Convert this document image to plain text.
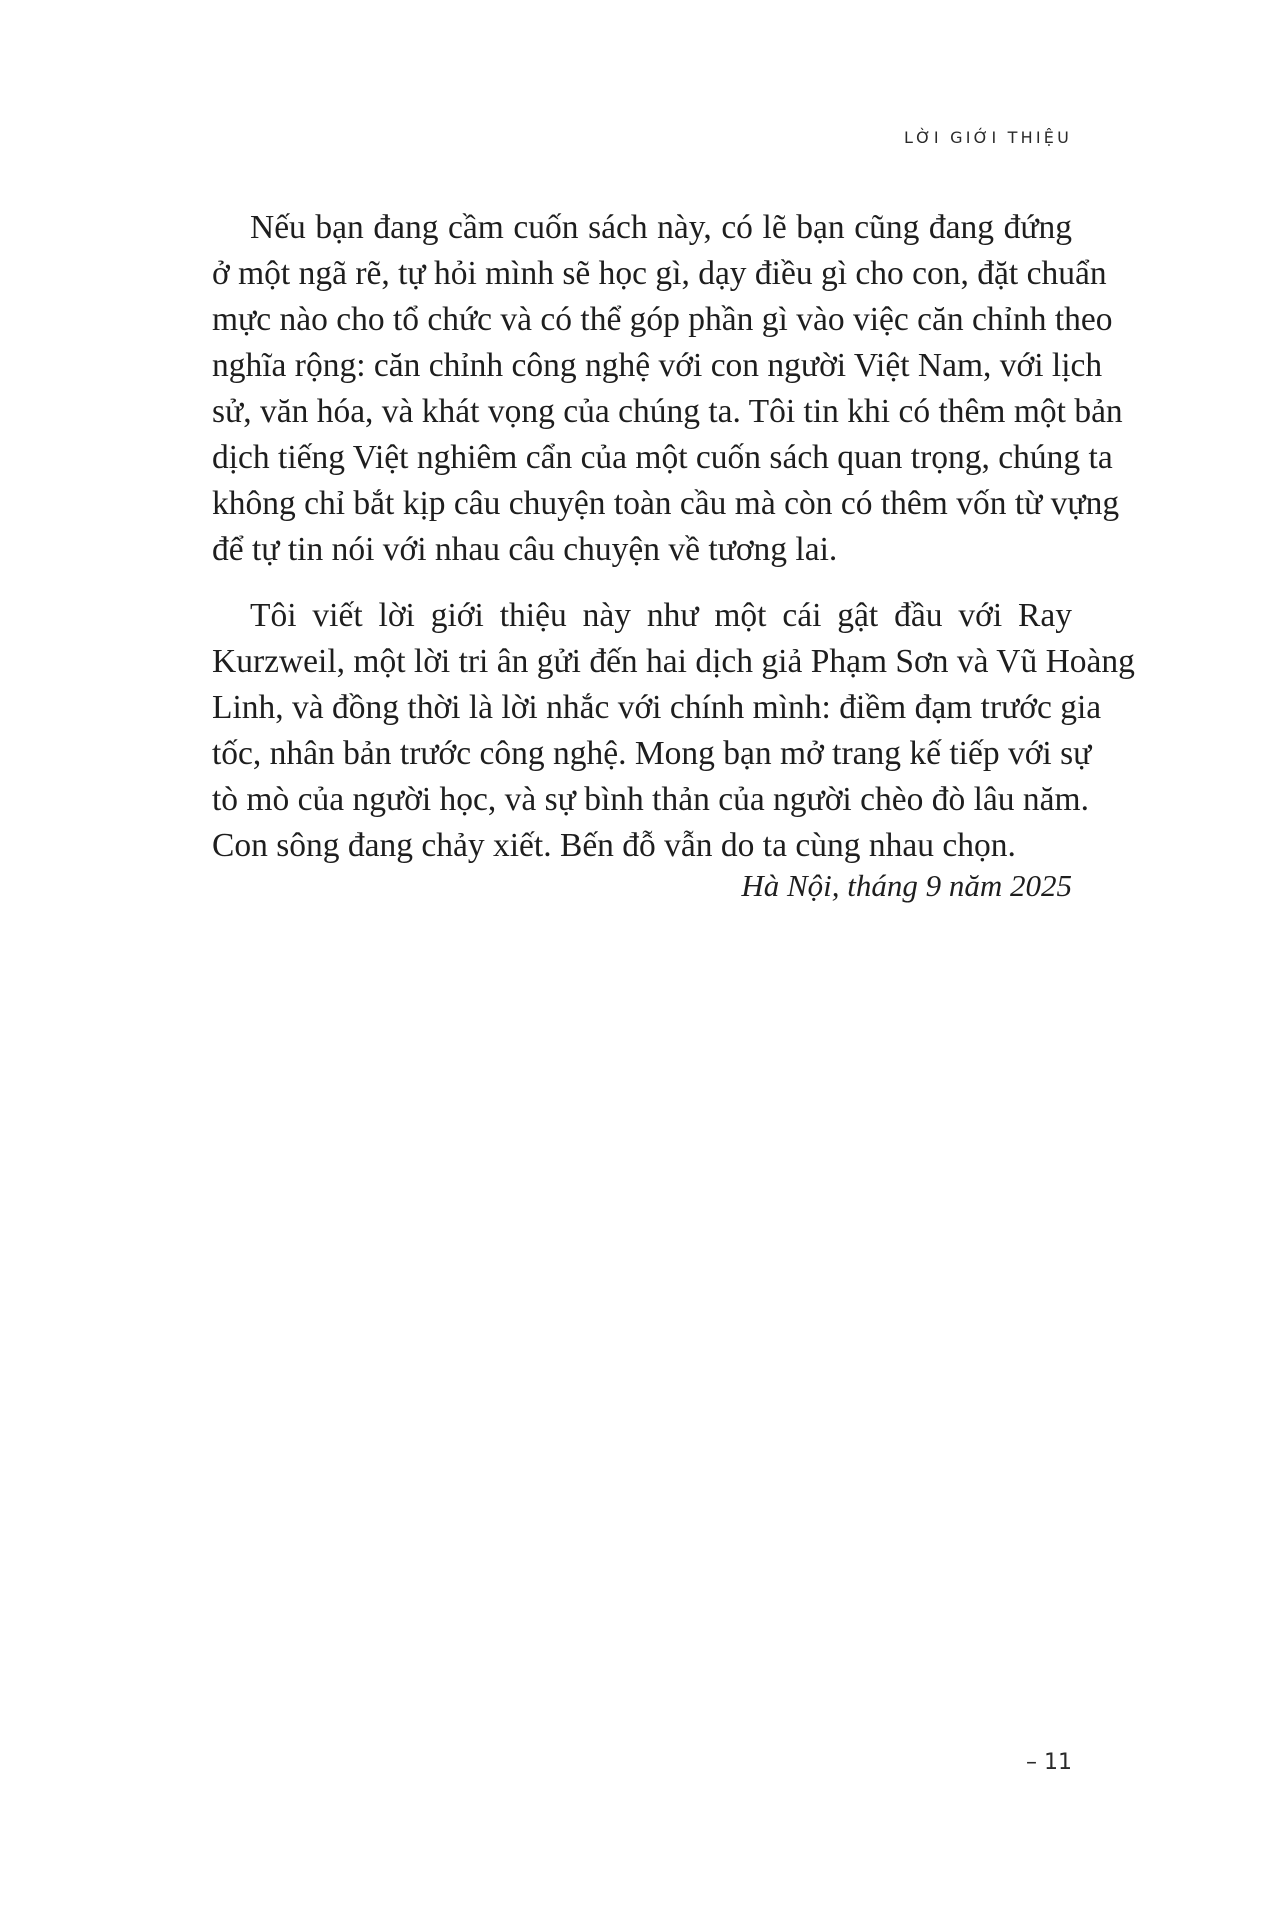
LỜI GIỚI THIỆU

Nếu bạn đang cầm cuốn sách này, có lẽ bạn cũng đang đứng
ở một ngã rẽ, tự hỏi mình sẽ học gì, dạy điều gì cho con, đặt chuẩn
mực nào cho tổ chức và có thể góp phần gì vào việc căn chỉnh theo
nghĩa rộng: căn chỉnh công nghệ với con người Việt Nam, với lịch
sử, văn hóa, và khát vọng của chúng ta. Tôi tin khi có thêm một bản
dịch tiếng Việt nghiêm cẩn của một cuốn sách quan trọng, chúng ta
không chỉ bắt kịp câu chuyện toàn cầu mà còn có thêm vốn từ vựng
để tự tin nói với nhau câu chuyện về tương lai.

Tôi viết lời giới thiệu này như một cái gật đầu với Ray
Kurzweil, một lời tri ân gửi đến hai dịch giả Phạm Sơn và Vũ Hoàng
Linh, và đồng thời là lời nhắc với chính mình: điềm đạm trước gia
tốc, nhân bản trước công nghệ. Mong bạn mở trang kế tiếp với sự
tò mò của người học, và sự bình thản của người chèo đò lâu năm.
Con sông đang chảy xiết. Bến đỗ vẫn do ta cùng nhau chọn.

Hà Nội, tháng 9 năm 2025
– 11
